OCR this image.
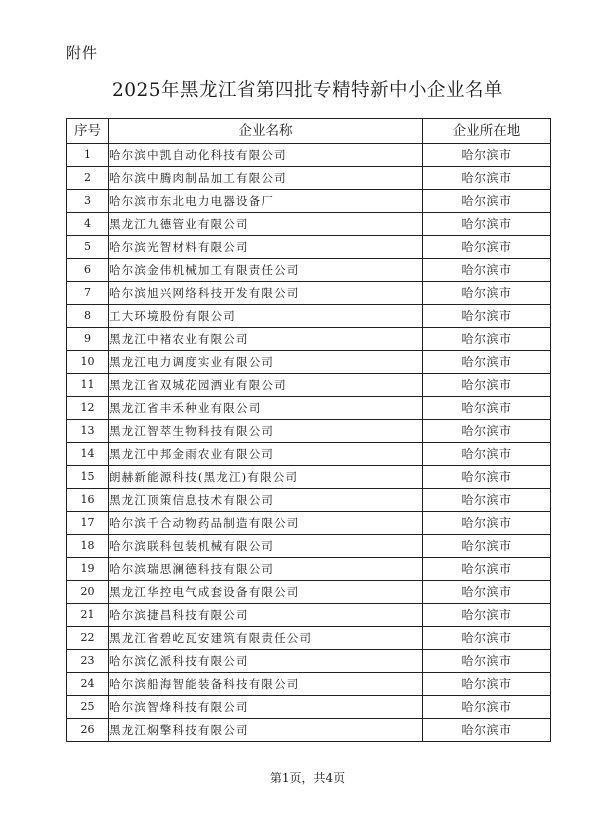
附件
2025年黑龙江省第四批专精特新中小企业名单
序号	企业名称	企业所在地
1	哈尔滨中凯自动化科技有限公司	哈尔滨市
2	哈尔滨中腾肉制品加工有限公司	哈尔滨市
3	哈尔滨市东北电力电器设备厂	哈尔滨市
4	黑龙江九德管业有限公司	哈尔滨市
5	哈尔滨光智材料有限公司	哈尔滨市
6	哈尔滨金伟机械加工有限责任公司	哈尔滨市
7	哈尔滨旭兴网络科技开发有限公司	哈尔滨市
8	工大环境股份有限公司	哈尔滨市
9	黑龙江中褚农业有限公司	哈尔滨市
10	黑龙江电力调度实业有限公司	哈尔滨市
11	黑龙江省双城花园酒业有限公司	哈尔滨市
12	黑龙江省丰禾种业有限公司	哈尔滨市
13	黑龙江智萃生物科技有限公司	哈尔滨市
14	黑龙江中邦金雨农业有限公司	哈尔滨市
15	朗赫新能源科技(黑龙江)有限公司	哈尔滨市
16	黑龙江顶策信息技术有限公司	哈尔滨市
17	哈尔滨千合动物药品制造有限公司	哈尔滨市
18	哈尔滨联科包装机械有限公司	哈尔滨市
19	哈尔滨瑞思澜德科技有限公司	哈尔滨市
20	黑龙江华控电气成套设备有限公司	哈尔滨市
21	哈尔滨捷昌科技有限公司	哈尔滨市
22	黑龙江省碧屹瓦安建筑有限责任公司	哈尔滨市
23	哈尔滨亿派科技有限公司	哈尔滨市
24	哈尔滨船海智能装备科技有限公司	哈尔滨市
25	哈尔滨智烽科技有限公司	哈尔滨市
26	黑龙江焖擎科技有限公司	哈尔滨市
第1页，共4页
